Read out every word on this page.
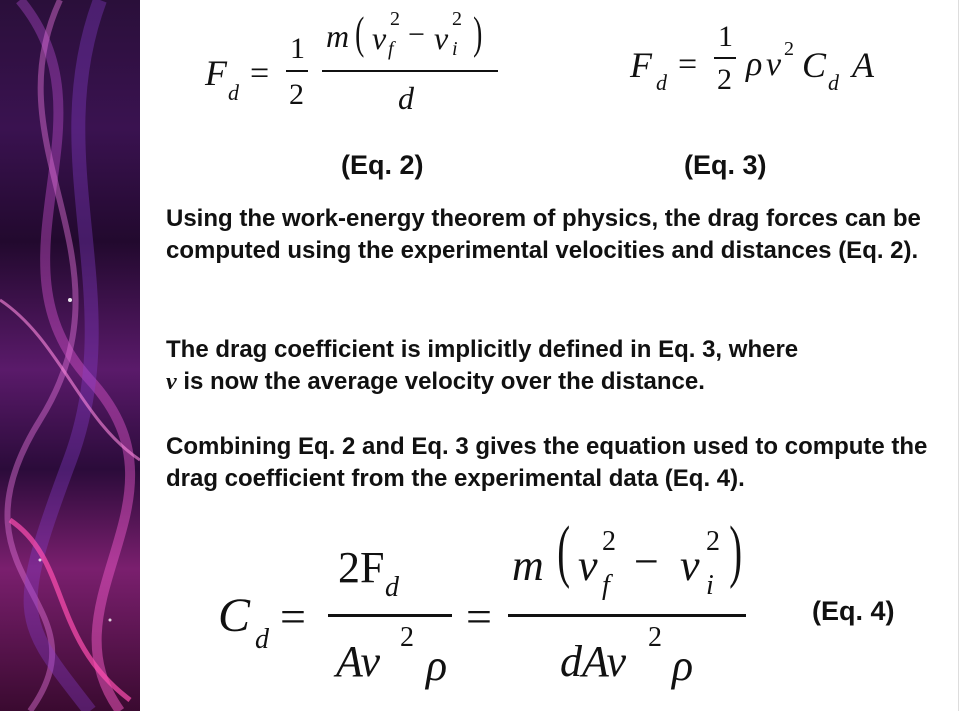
F d
=
1
2
m ( v
2
f − v
2
i )
d
F d =
1
2 ρ v 2 C d A
(Eq. 2)	(Eq. 3)

Using the work-energy theorem of physics, the drag forces can be computed using the experimental velocities and distances (Eq. 2).

The drag coefficient is implicitly defined in Eq. 3, where
v is now the average velocity over the distance.

Combining Eq. 2 and Eq. 3 gives the equation used to compute the drag coefficient from the experimental data (Eq. 4).

C d =
2F d
Av 2
ρ
=
m ( v 2
f − v 2
i )
dAv 2
ρ
(Eq. 4)
